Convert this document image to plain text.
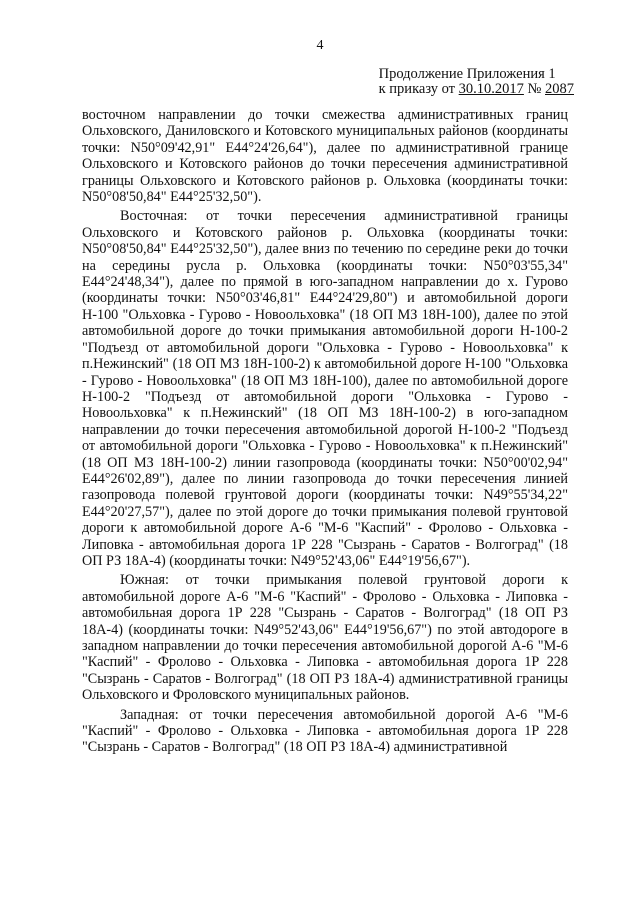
4
Продолжение Приложения 1
к приказу от 30.10.2017 № 2087

восточном направлении до точки смежества административных границ Ольховского, Даниловского и Котовского муниципальных районов (координаты точки: N50°09'42,91" E44°24'26,64"), далее по административной границе Ольховского и Котовского районов до точки пересечения административной границы Ольховского и Котовского районов р. Ольховка (координаты точки: N50°08'50,84" E44°25'32,50").

Восточная: от точки пересечения административной границы Ольховского и Котовского районов р. Ольховка (координаты точки: N50°08'50,84" E44°25'32,50"), далее вниз по течению по середине реки до точки на середины русла р. Ольховка (координаты точки: N50°03'55,34" E44°24'48,34"), далее по прямой в юго-западном направлении до х. Гурово (координаты точки: N50°03'46,81" E44°24'29,80") и автомобильной дороги Н-100 "Ольховка - Гурово - Новоольховка" (18 ОП МЗ 18Н-100), далее по этой автомобильной дороге до точки примыкания автомобильной дороги Н-100-2 "Подъезд от автомобильной дороги "Ольховка - Гурово - Новоольховка" к п.Нежинский" (18 ОП МЗ 18Н-100-2) к автомобильной дороге Н-100 "Ольховка - Гурово - Новоольховка" (18 ОП МЗ 18Н-100), далее по автомобильной дороге Н-100-2 "Подъезд от автомобильной дороги "Ольховка - Гурово - Новоольховка" к п.Нежинский" (18 ОП МЗ 18Н-100-2) в юго-западном направлении до точки пересечения автомобильной дорогой Н-100-2 "Подъезд от автомобильной дороги "Ольховка - Гурово - Новоольховка" к п.Нежинский" (18 ОП МЗ 18Н-100-2) линии газопровода (координаты точки: N50°00'02,94" E44°26'02,89"), далее по линии газопровода до точки пересечения линией газопровода полевой грунтовой дороги (координаты точки: N49°55'34,22" E44°20'27,57"), далее по этой дороге до точки примыкания полевой грунтовой дороги к автомобильной дороге А-6 "М-6 "Каспий" - Фролово - Ольховка - Липовка - автомобильная дорога 1Р 228 "Сызрань - Саратов - Волгоград" (18 ОП РЗ 18А-4) (координаты точки: N49°52'43,06" E44°19'56,67").

Южная: от точки примыкания полевой грунтовой дороги к автомобильной дороге А-6 "М-6 "Каспий" - Фролово - Ольховка - Липовка - автомобильная дорога 1Р 228 "Сызрань - Саратов - Волгоград" (18 ОП РЗ 18А-4) (координаты точки: N49°52'43,06" E44°19'56,67") по этой автодороге в западном направлении до точки пересечения автомобильной дорогой А-6 "М-6 "Каспий" - Фролово - Ольховка - Липовка - автомобильная дорога 1Р 228 "Сызрань - Саратов - Волгоград" (18 ОП РЗ 18А-4) административной границы Ольховского и Фроловского муниципальных районов.

Западная: от точки пересечения автомобильной дорогой А-6 "М-6 "Каспий" - Фролово - Ольховка - Липовка - автомобильная дорога 1Р 228 "Сызрань - Саратов - Волгоград" (18 ОП РЗ 18А-4) административной
